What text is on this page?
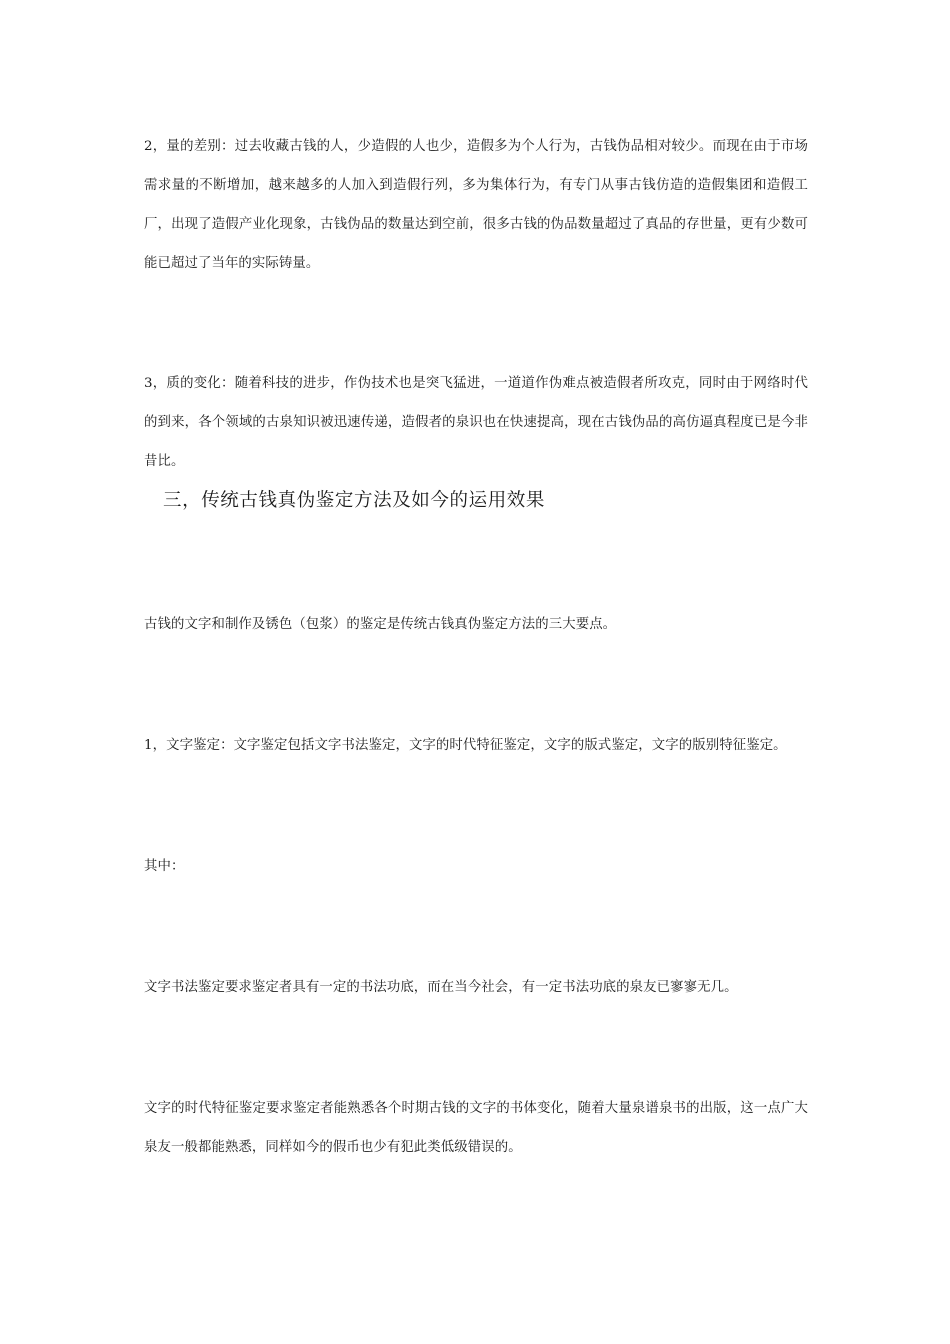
2，量的差别：过去收藏古钱的人，少造假的人也少，造假多为个人行为，古钱伪品相对较少。而现在由于市场需求量的不断增加，越来越多的人加入到造假行列，多为集体行为，有专门从事古钱仿造的造假集团和造假工厂，出现了造假产业化现象，古钱伪品的数量达到空前，很多古钱的伪品数量超过了真品的存世量，更有少数可能已超过了当年的实际铸量。

3，质的变化：随着科技的进步，作伪技术也是突飞猛进，一道道作伪难点被造假者所攻克，同时由于网络时代的到来，各个领域的古泉知识被迅速传递，造假者的泉识也在快速提高，现在古钱伪品的高仿逼真程度已是今非昔比。

三，传统古钱真伪鉴定方法及如今的运用效果

古钱的文字和制作及锈色（包浆）的鉴定是传统古钱真伪鉴定方法的三大要点。

1，文字鉴定：文字鉴定包括文字书法鉴定，文字的时代特征鉴定，文字的版式鉴定，文字的版别特征鉴定。

其中：

文字书法鉴定要求鉴定者具有一定的书法功底，而在当今社会，有一定书法功底的泉友已寥寥无几。

文字的时代特征鉴定要求鉴定者能熟悉各个时期古钱的文字的书体变化，随着大量泉谱泉书的出版，这一点广大泉友一般都能熟悉，同样如今的假币也少有犯此类低级错误的。
